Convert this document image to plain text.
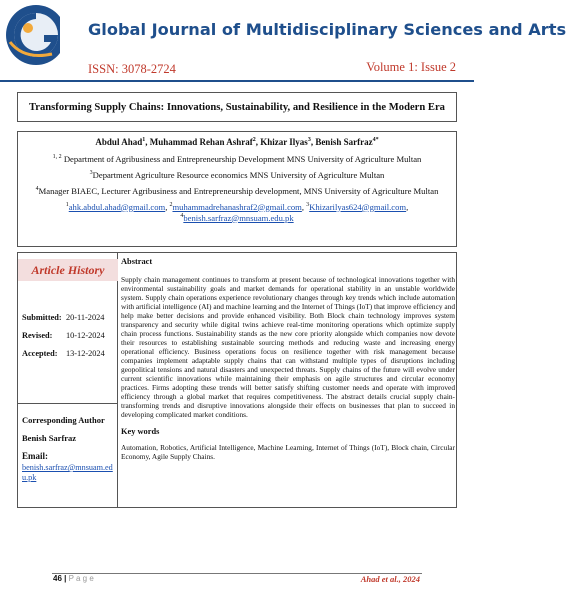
Global Journal of Multidisciplinary Sciences and Arts
ISSN: 3078-2724	Volume 1: Issue 2
Transforming Supply Chains: Innovations, Sustainability, and Resilience in the Modern Era
Abdul Ahad$^1$, Muhammad Rehan Ashraf$^2$, Khizar Ilyas$^3$, Benish Sarfraz$^{4*}$
$^{1, 2}$ Department of Agribusiness and Entrepreneurship Development MNS University of Agriculture Multan
$^3$Department Agriculture Resource economics MNS University of Agriculture Multan
$^4$Manager BIAEC, Lecturer Agribusiness and Entrepreneurship development, MNS University of Agriculture Multan
$^1$ahk.abdul.ahad@gmail.com, $^2$muhammadrehanashraf2@gmail.com, $^3$Khizarilyas624@gmail.com,
$^4$benish.sarfraz@mnsuam.edu.pk
Article History
Submitted: 20-11-2024
Revised: 10-12-2024
Accepted: 13-12-2024
Corresponding Author
Benish Sarfraz
Email:
benish.sarfraz@mnsuam.edu.pk
Abstract
Supply chain management continues to transform at present because of technological innovations together with environmental sustainability goals and market demands for operational stability in an unstable worldwide system. Supply chain operations experience revolutionary changes through key trends which include automation with artificial intelligence (AI) and machine learning and the Internet of Things (IoT) that improve efficiency and help make better decisions and provide enhanced visibility. Both Block chain technology improves system transparency and security while digital twins achieve real-time monitoring operations which optimize supply chain process functions. Sustainability stands as the new core priority alongside which companies now devote their resources to establishing sustainable sourcing methods and reducing waste and increasing energy operational efficiency. Business operations focus on resilience together with risk management because companies implement adaptable supply chains that can withstand multiple types of disruptions including geopolitical tensions and natural disasters and unexpected threats. Supply chains of the future will evolve under current scientific innovations while maintaining their emphasis on agile structures and circular economy practices. Firms adopting these trends will better satisfy shifting customer needs and operate with improved efficiency through a global market that requires competitiveness. The abstract details crucial supply chain-transforming trends and disruptive innovations alongside their effects on businesses that plan to succeed in developing complicated market conditions.
Key words
Automation, Robotics, Artificial Intelligence, Machine Learning, Internet of Things (IoT), Block chain, Circular Economy, Agile Supply Chains.
46 | P a g e	Ahad et al., 2024
